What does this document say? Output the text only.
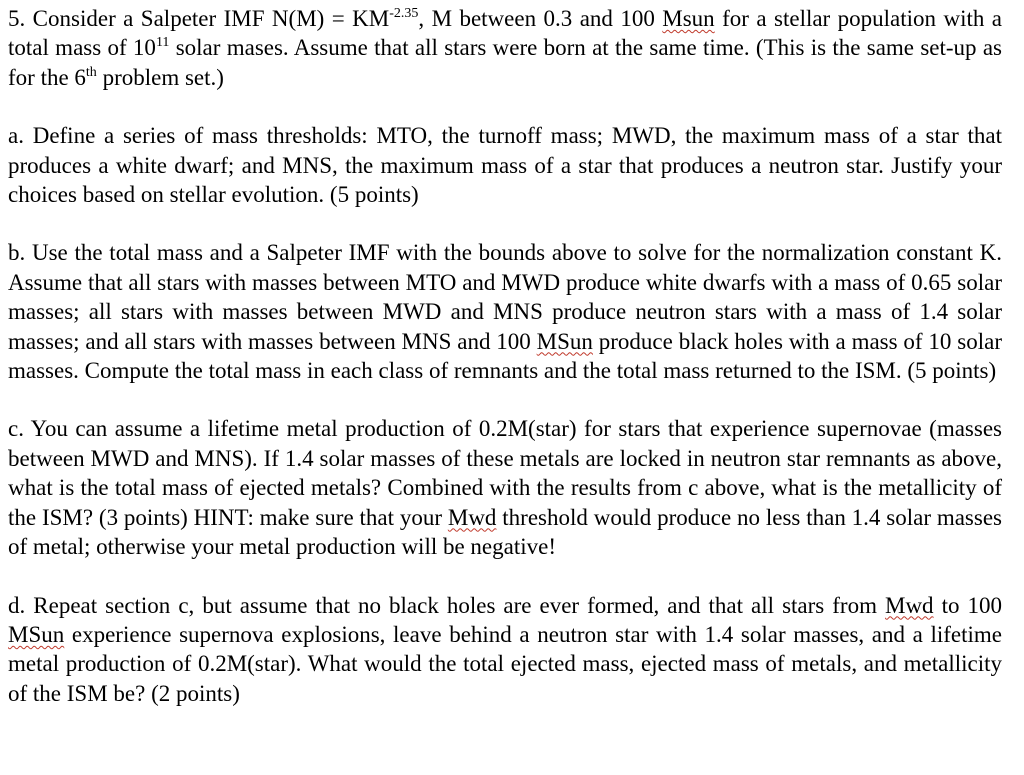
5. Consider a Salpeter IMF $N(M) = KM^{-2.35}$, M between 0.3 and 100 Msun for a stellar population with a total mass of $10^{11}$ solar mases. Assume that all stars were born at the same time. (This is the same set-up as for the 6th problem set.)

a. Define a series of mass thresholds: MTO, the turnoff mass; MWD, the maximum mass of a star that produces a white dwarf; and MNS, the maximum mass of a star that produces a neutron star. Justify your choices based on stellar evolution. (5 points)

b. Use the total mass and a Salpeter IMF with the bounds above to solve for the normalization constant K. Assume that all stars with masses between MTO and MWD produce white dwarfs with a mass of 0.65 solar masses; all stars with masses between MWD and MNS produce neutron stars with a mass of 1.4 solar masses; and all stars with masses between MNS and 100 MSun produce black holes with a mass of 10 solar masses. Compute the total mass in each class of remnants and the total mass returned to the ISM. (5 points)

c. You can assume a lifetime metal production of 0.2M(star) for stars that experience supernovae (masses between MWD and MNS). If 1.4 solar masses of these metals are locked in neutron star remnants as above, what is the total mass of ejected metals? Combined with the results from c above, what is the metallicity of the ISM? (3 points) HINT: make sure that your Mwd threshold would produce no less than 1.4 solar masses of metal; otherwise your metal production will be negative!

d. Repeat section c, but assume that no black holes are ever formed, and that all stars from Mwd to 100 MSun experience supernova explosions, leave behind a neutron star with 1.4 solar masses, and a lifetime metal production of 0.2M(star). What would the total ejected mass, ejected mass of metals, and metallicity of the ISM be? (2 points)
